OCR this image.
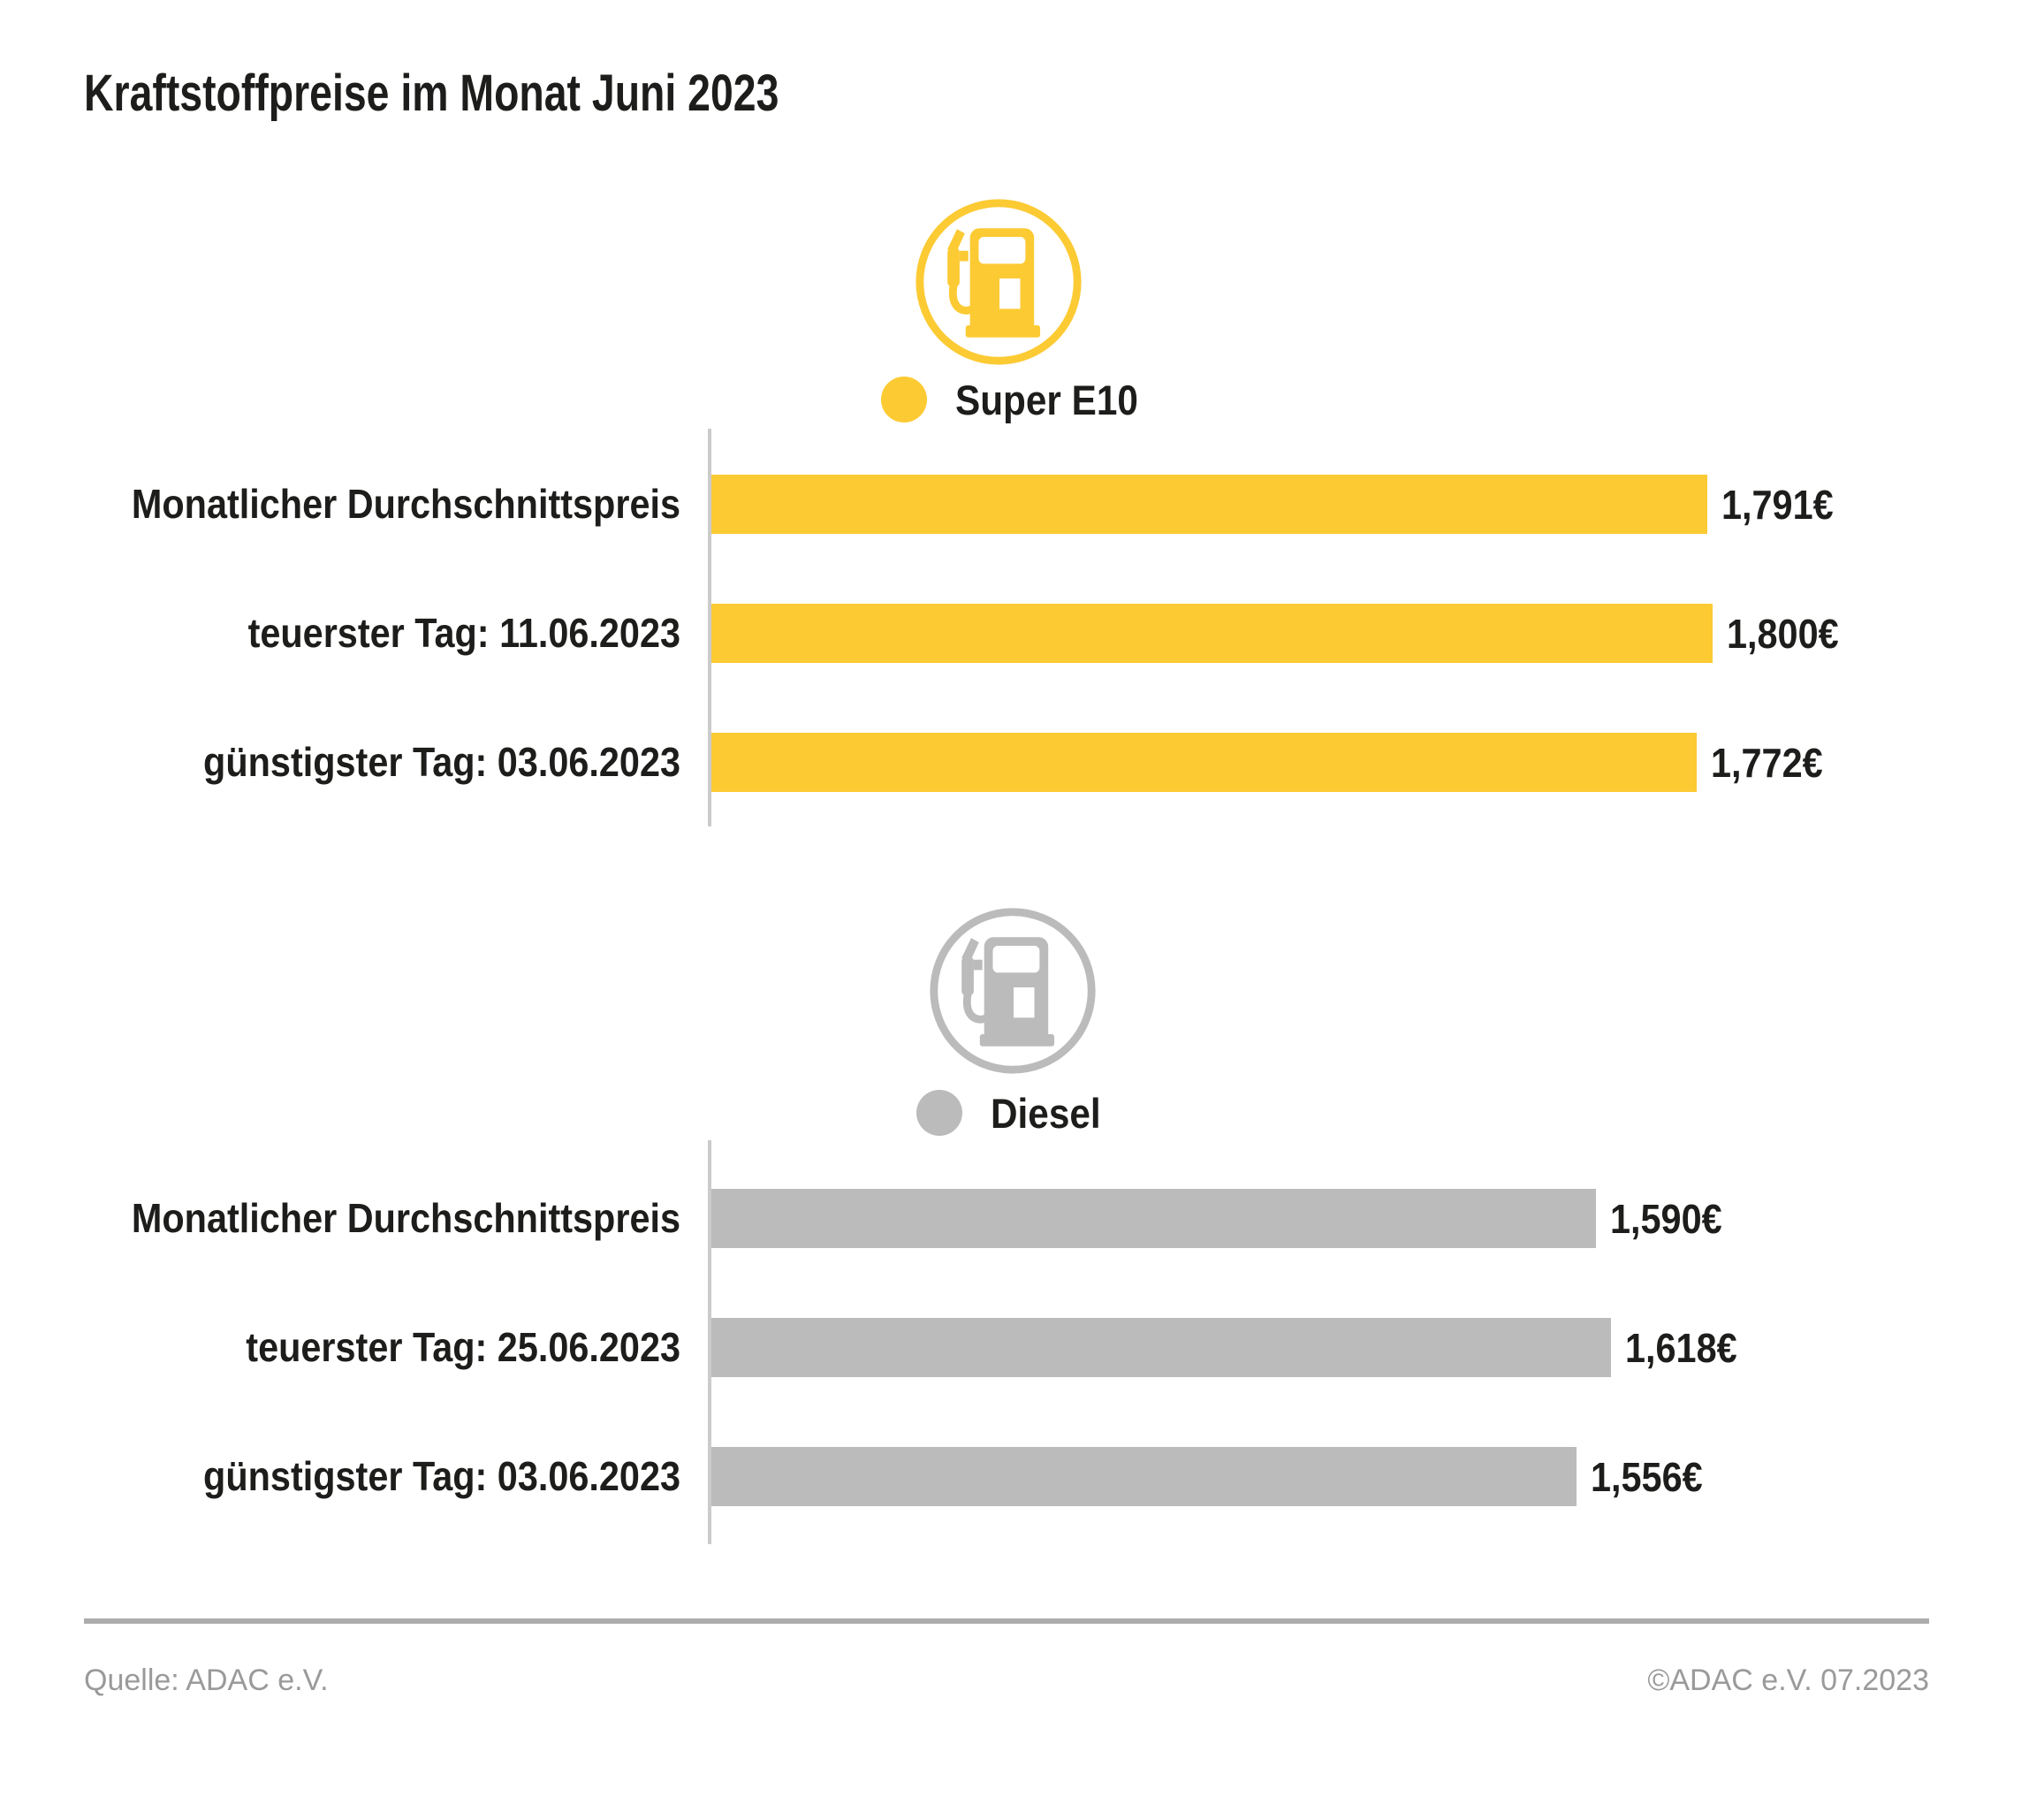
Kraftstoffpreise im Monat Juni 2023
Super E10
Monatlicher Durchschnittspreis	1,791€
teuerster Tag: 11.06.2023	1,800€
günstigster Tag: 03.06.2023	1,772€
Diesel
Monatlicher Durchschnittspreis	1,590€
teuerster Tag: 25.06.2023	1,618€
günstigster Tag: 03.06.2023	1,556€
Quelle: ADAC e.V.	©ADAC e.V. 07.2023
